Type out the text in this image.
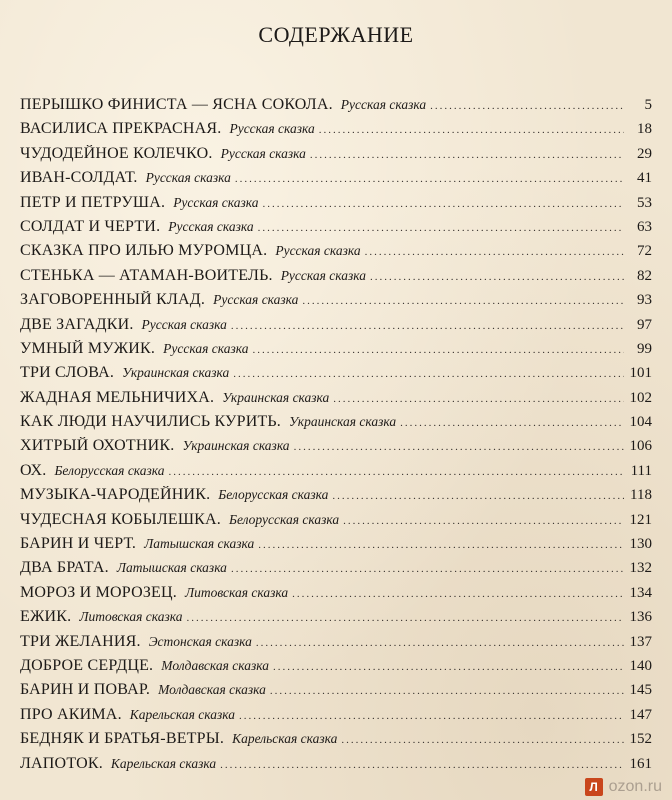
СОДЕРЖАНИЕ
ПЕРЫШКО ФИНИСТА — ЯСНА СОКОЛА. Русская сказка .....	5
ВАСИЛИСА ПРЕКРАСНАЯ. Русская сказка .....	18
ЧУДОДЕЙНОЕ КОЛЕЧКО. Русская сказка .....	29
ИВАН-СОЛДАТ. Русская сказка .....	41
ПЕТР И ПЕТРУША. Русская сказка .....	53
СОЛДАТ И ЧЕРТИ. Русская сказка .....	63
СКАЗКА ПРО ИЛЬЮ МУРОМЦА. Русская сказка .....	72
СТЕНЬКА — АТАМАН-ВОИТЕЛЬ. Русская сказка .....	82
ЗАГОВОРЕННЫЙ КЛАД. Русская сказка .....	93
ДВЕ ЗАГАДКИ. Русская сказка .....	97
УМНЫЙ МУЖИК. Русская сказка .....	99
ТРИ СЛОВА. Украинская сказка .....	101
ЖАДНАЯ МЕЛЬНИЧИХА. Украинская сказка .....	102
КАК ЛЮДИ НАУЧИЛИСЬ КУРИТЬ. Украинская сказка .....	104
ХИТРЫЙ ОХОТНИК. Украинская сказка .....	106
ОХ. Белорусская сказка .....	111
МУЗЫКА-ЧАРОДЕЙНИК. Белорусская сказка .....	118
ЧУДЕСНАЯ КОБЫЛЕШКА. Белорусская сказка .....	121
БАРИН И ЧЕРТ. Латышская сказка .....	130
ДВА БРАТА. Латышская сказка .....	132
МОРОЗ И МОРОЗЕЦ. Литовская сказка .....	134
ЕЖИК. Литовская сказка .....	136
ТРИ ЖЕЛАНИЯ. Эстонская сказка .....	137
ДОБРОЕ СЕРДЦЕ. Молдавская сказка .....	140
БАРИН И ПОВАР. Молдавская сказка .....	145
ПРО АКИМА. Карельская сказка .....	147
БЕДНЯК И БРАТЬЯ-ВЕТРЫ. Карельская сказка .....	152
ЛАПОТОК. Карельская сказка .....	161
Л ozon.ru
